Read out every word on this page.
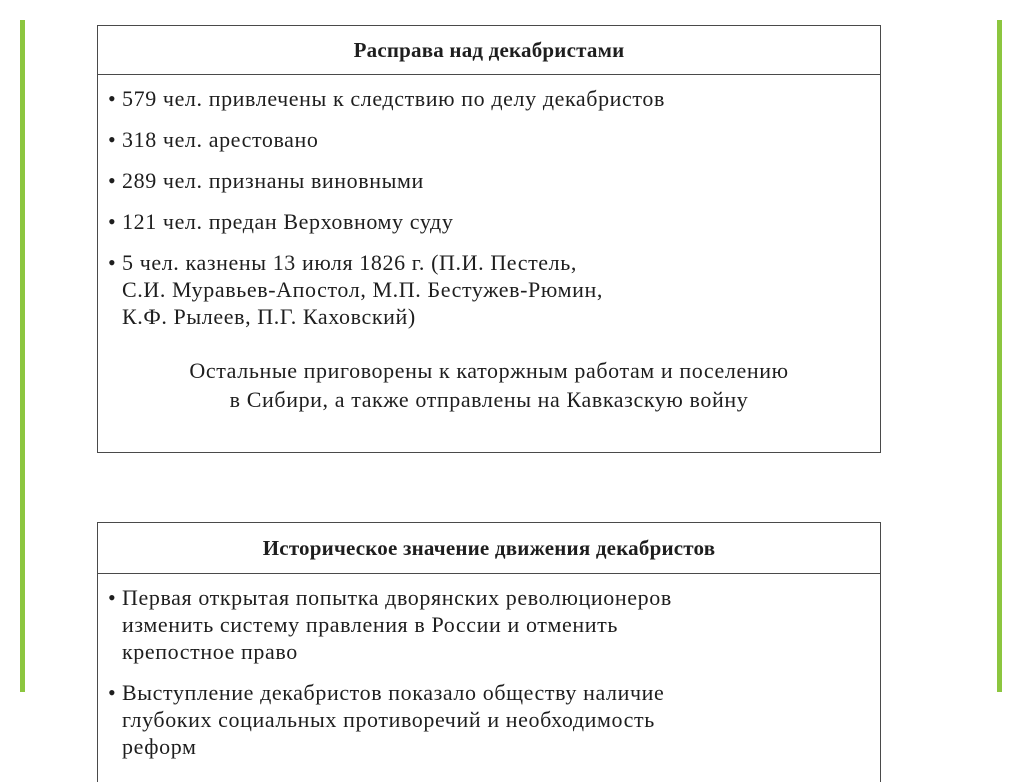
Расправа над декабристами
• 579 чел. привлечены к следствию по делу декабристов
• 318 чел. арестовано
• 289 чел. признаны виновными
• 121 чел. предан Верховному суду
• 5 чел. казнены 13 июля 1826 г. (П.И. Пестель,
С.И. Муравьев-Апостол, М.П. Бестужев-Рюмин,
К.Ф. Рылеев, П.Г. Каховский)
Остальные приговорены к каторжным работам и поселению
в Сибири, а также отправлены на Кавказскую войну
Историческое значение движения декабристов
• Первая открытая попытка дворянских революционеров
изменить систему правления в России и отменить
крепостное право
• Выступление декабристов показало обществу наличие
глубоких социальных противоречий и необходимость
реформ
